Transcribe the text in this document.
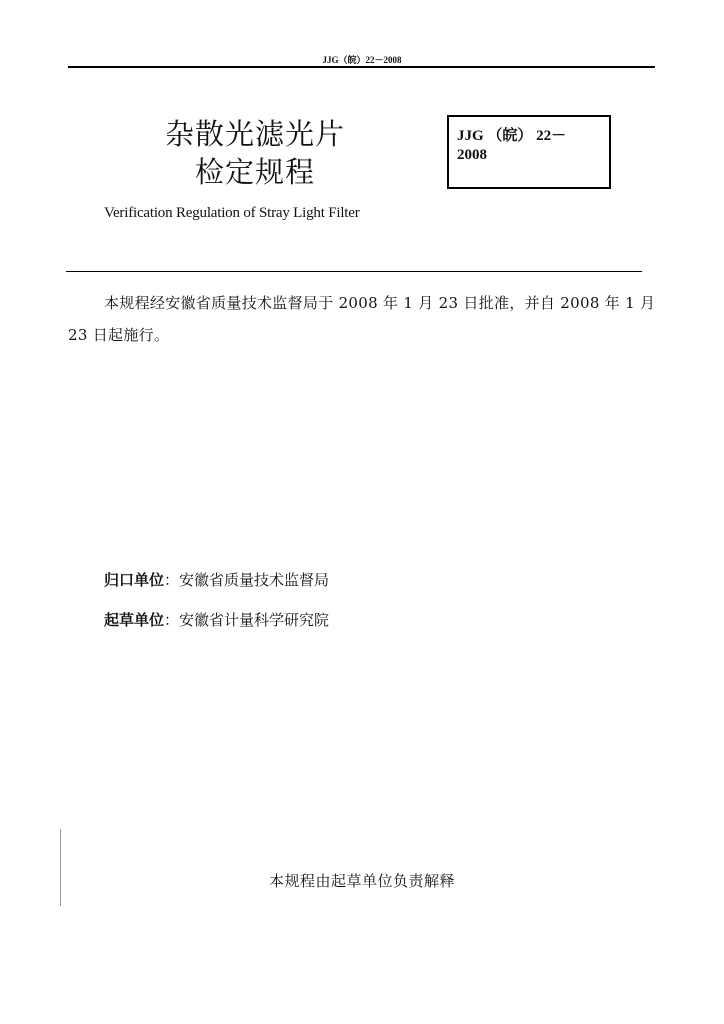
JJG（皖）22－2008
杂散光滤光片
检定规程
JJG （皖） 22－
2008
Verification Regulation of Stray Light Filter
本规程经安徽省质量技术监督局于 2008 年 1 月 23 日批准，并自 2008 年 1 月 23 日起施行。
归口单位：安徽省质量技术监督局
起草单位：安徽省计量科学研究院
本规程由起草单位负责解释
